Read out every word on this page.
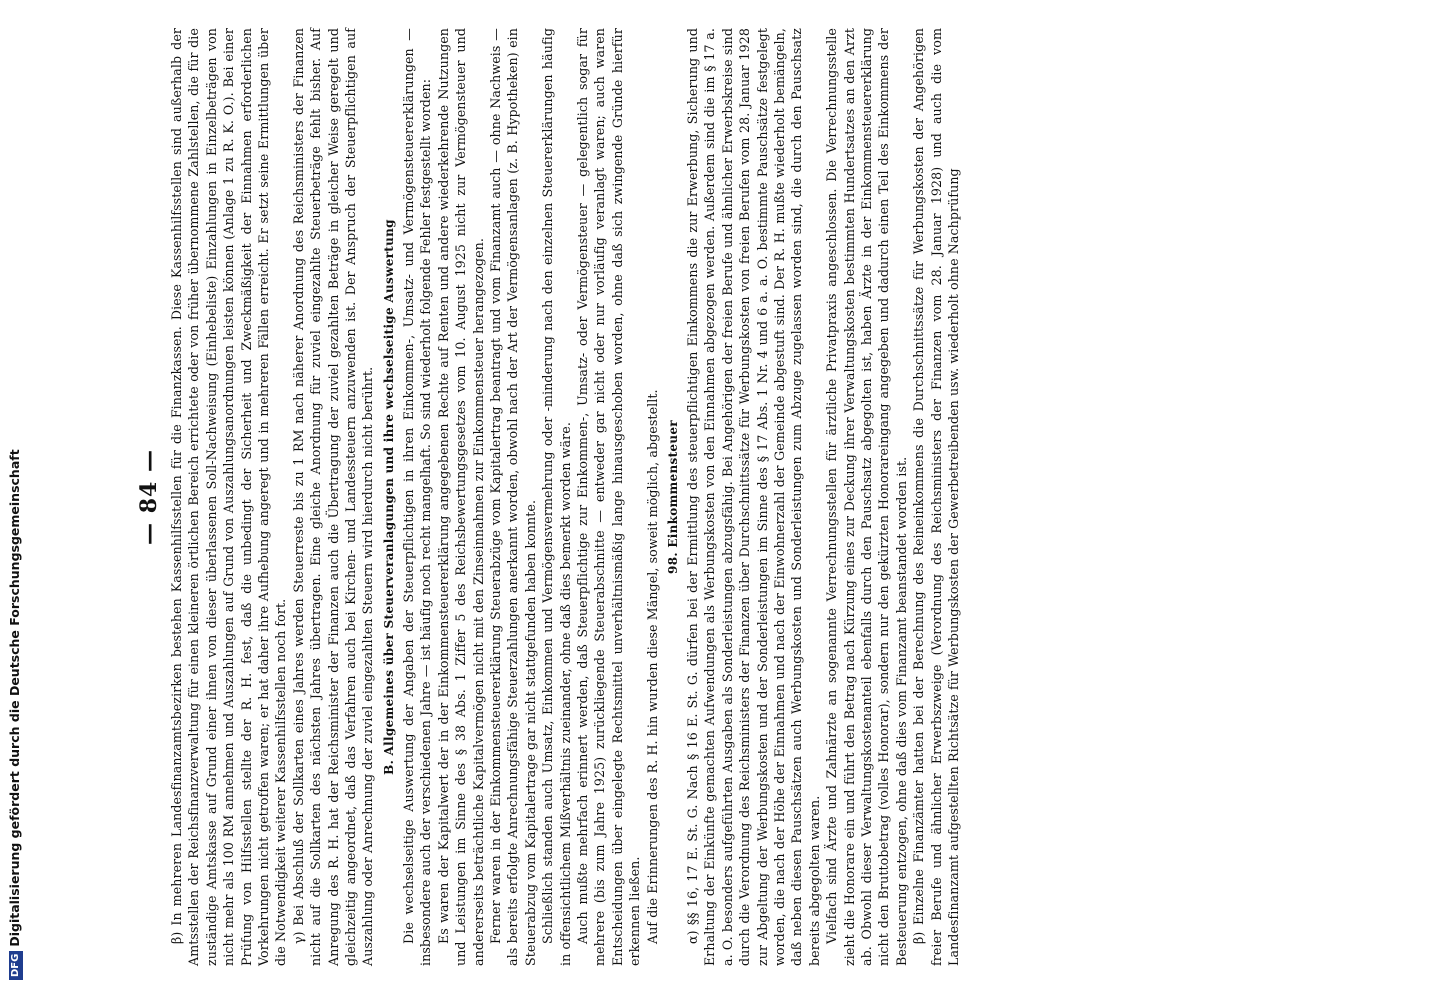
— 84 — β) In mehreren Landesfinanzamtsbezirken bestehen Kassenhilfsstellen für die Finanzkassen. Diese Kassenhilfsstellen sind außerhalb der Amtsstellen der Reichsfinanzverwaltung für einen kleineren örtlichen Bereich errichtete oder von früher übernommene Zahlstellen, die für die zuständige Amtskasse auf Grund einer ihnen von dieser überlassenen Soll-Nachweisung (Einhebeliste) Einzahlungen in Einzelbeträgen von nicht mehr als 100 RM annehmen und Auszahlungen auf Grund von Auszahlungsanordnungen leisten können (Anlage 1 zu R. K. O.). Bei einer Prüfung von Hilfsstellen stellte der R. H. fest, daß die unbedingt der Sicherheit und Zweckmäßigkeit der Einnahmen erforderlichen Vorkehrungen nicht getroffen waren; er hat daher ihre Aufhebung angeregt und in mehreren Fällen erreicht. Er setzt seine Ermittlungen über die Notwendigkeit weiterer Kassenhilfsstellen noch fort. γ) Bei Abschluß der Sollkarten eines Jahres werden Steuerreste bis zu 1 RM nach näherer Anordnung des Reichsministers der Finanzen nicht auf die Sollkarten des nächsten Jahres übertragen. Eine gleiche Anordnung für zuviel eingezahlte Steuerbeträge fehlt bisher. Auf Anregung des R. H. hat der Reichsminister der Finanzen auch die Übertragung der zuviel gezahlten Beträge in gleicher Weise geregelt und gleichzeitig angeordnet, daß das Verfahren auch bei Kirchen- und Landessteuern anzuwenden ist. Der Anspruch der Steuerpflichtigen auf Auszahlung oder Anrechnung der zuviel eingezahlten Steuern wird hierdurch nicht berührt. B. Allgemeines über Steuerveranlagungen und ihre wechselseitige Auswertung Die wechselseitige Auswertung der Angaben der Steuerpflichtigen in ihren Einkommen-, Umsatz- und Vermögensteuererklärungen — insbesondere auch der verschiedenen Jahre — ist häufig noch recht mangelhaft. So sind wiederholt folgende Fehler festgestellt worden: Es waren der Kapitalwert der in der Einkommensteuererklärung angegebenen Rechte auf Renten und andere wiederkehrende Nutzungen und Leistungen im Sinne des § 38 Abs. 1 Ziffer 5 des Reichsbewertungsgesetzes vom 10. August 1925 nicht zur Vermögensteuer und andererseits beträchtliche Kapitalvermögen nicht mit den Zinseinnahmen zur Einkommensteuer herangezogen. Ferner waren in der Einkommensteuererklärung Steuerabzüge vom Kapitalertrag beantragt und vom Finanzamt auch — ohne Nachweis — als bereits erfolgte Anrechnungsfähige Steuerzahlungen anerkannt worden, obwohl nach der Art der Vermögensanlagen (z. B. Hypotheken) ein Steuerabzug vom Kapitalertrage gar nicht stattgefunden haben konnte. Schließlich standen auch Umsatz, Einkommen und Vermögensvermehrung oder -minderung nach den einzelnen Steuererklärungen häufig in offensichtlichem Mißverhältnis zueinander, ohne daß dies bemerkt worden wäre. Auch mußte mehrfach erinnert werden, daß Steuerpflichtige zur Einkommen-, Umsatz- oder Vermögensteuer — gelegentlich sogar für mehrere (bis zum Jahre 1925) zurückliegende Steuerabschnitte — entweder gar nicht oder nur vorläufig veranlagt waren; auch waren Entscheidungen über eingelegte Rechtsmittel unverhältnismäßig lange hinausgeschoben worden, ohne daß sich zwingende Gründe hierfür erkennen ließen. Auf die Erinnerungen des R. H. hin wurden diese Mängel, soweit möglich, abgestellt. 98. Einkommensteuer α) §§ 16, 17 E. St. G. Nach § 16 E. St. G. dürfen bei der Ermittlung des steuerpflichtigen Einkommens die zur Erwerbung, Sicherung und Erhaltung der Einkünfte gemachten Aufwendungen als Werbungskosten von den Einnahmen abgezogen werden. Außerdem sind die im § 17 a. a. O. besonders aufgeführten Ausgaben als Sonderleistungen abzugsfähig. Bei Angehörigen der freien Berufe und ähnlicher Erwerbskreise sind durch die Verordnung des Reichsministers der Finanzen über Durchschnittssätze für Werbungskosten von freien Berufen vom 28. Januar 1928 zur Abgeltung der Werbungskosten und der Sonderleistungen im Sinne des § 17 Abs. 1 Nr. 4 und 6 a. a. O. bestimmte Pauschsätze festgelegt worden, die nach der Höhe der Einnahmen und nach der Einwohnerzahl der Gemeinde abgestuft sind. Der R. H. mußte wiederholt bemängeln, daß neben diesen Pauschsätzen auch Werbungskosten und Sonderleistungen zum Abzuge zugelassen worden sind, die durch den Pauschsatz bereits abgegolten waren. Vielfach sind Ärzte und Zahnärzte an sogenannte Verrechnungsstellen für ärztliche Privatpraxis angeschlossen. Die Verrechnungsstelle zieht die Honorare ein und führt den Betrag nach Kürzung eines zur Deckung ihrer Verwaltungskosten bestimmten Hundertsatzes an den Arzt ab. Obwohl dieser Verwaltungskostenanteil ebenfalls durch den Pauschsatz abgegolten ist, haben Ärzte in der Einkommensteuererklärung nicht den Bruttobetrag (volles Honorar), sondern nur den gekürzten Honorareingang angegeben und dadurch einen Teil des Einkommens der Besteuerung entzogen, ohne daß dies vom Finanzamt beanstandet worden ist. β) Einzelne Finanzämter hatten bei der Berechnung des Reineinkommens die Durchschnittssätze für Werbungskosten der Angehörigen freier Berufe und ähnlicher Erwerbszweige (Verordnung des Reichsministers der Finanzen vom 28. Januar 1928) und auch die vom Landesfinanzamt aufgestellten Richtsätze für Werbungskosten der Gewerbetreibenden usw. wiederholt ohne Nachprüfung

DFGDigitalisierung gefördert durch die Deutsche Forschungsgemeinschaft
